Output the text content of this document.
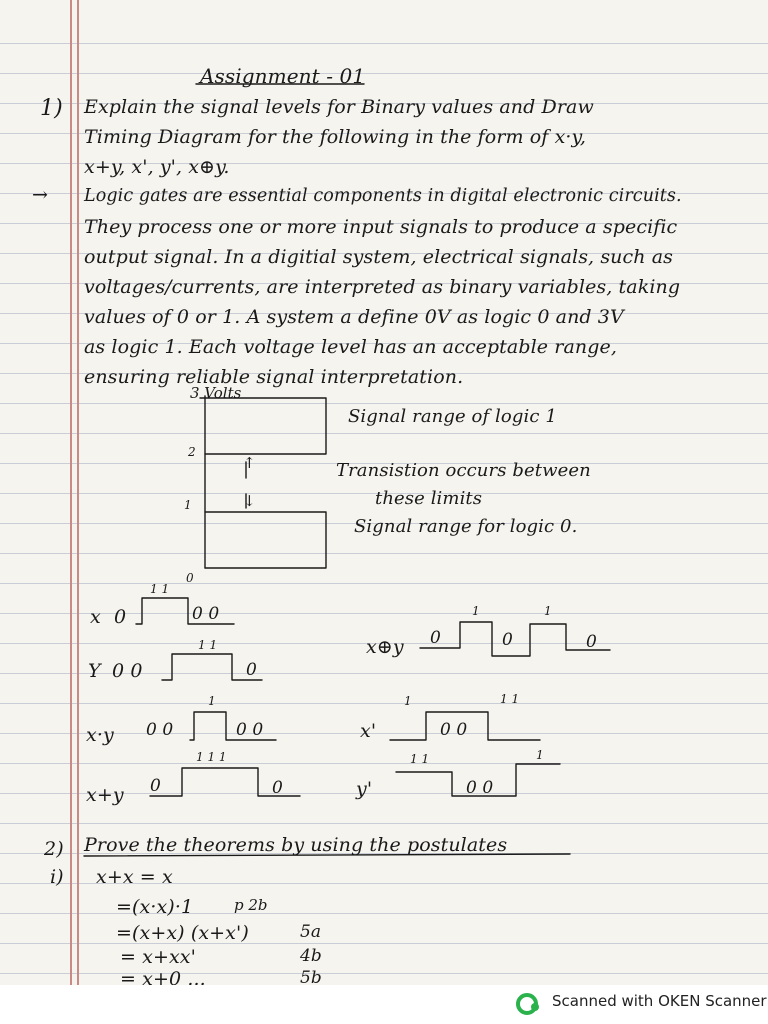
Assignment - 01
1) Explain the signal levels for Binary values and Draw
Timing Diagram for the following in the form of x·y,
x+y, x', y', x⊕y.
→ Logic gates are essential components in digital electronic circuits.
They process one or more input signals to produce a specific
output signal. In a digitial system, electrical signals, such as
voltages/currents, are interpreted as binary variables, taking
values of 0 or 1. A system a define 0V as logic 0 and 3V
as logic 1. Each voltage level has an acceptable range,
ensuring reliable signal interpretation.
3 Volts
2
1
0
↑
↓
Signal range of logic 1
Transistion occurs between
these limits
Signal range for logic 0.
x 0
1 1
0 0
x⊕y 0
1
0
1
0
Y 0 0
1 1
0
x·y 0 0
1
0 0	x'
1
0 0
1 1
x+y 0
1 1 1
0	y'
1 1
0 0
1
2) Prove the theorems by using the postulates
i) x+x = x
=(x·x)·1	p 2b
=(x+x) (x+x')	5a
= x+xx'	4b
= x+0 ...	5b
Scanned with OKEN Scanner
